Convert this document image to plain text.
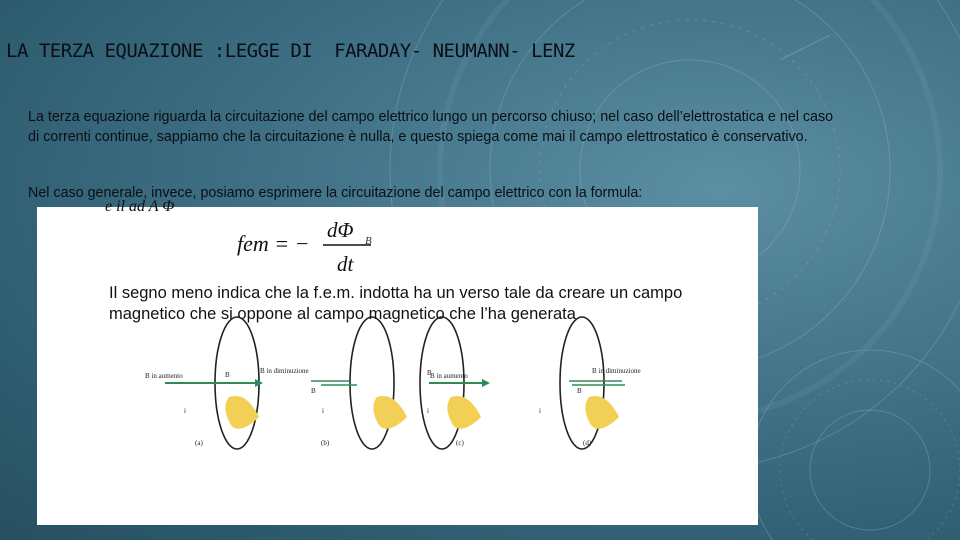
LA TERZA EQUAZIONE :LEGGE DI  FARADAY- NEUMANN- LENZ
La terza equazione riguarda la circuitazione del campo elettrico lungo un percorso chiuso; nel caso dell’elettrostatica e nel caso di correnti continue, sappiamo che la circuitazione è nulla, e questo spiega come mai il campo elettrostatico è conservativo.
Nel caso generale, invece, posiamo esprimere la circuitazione del campo elettrico con la formula:
e il ad A Φ
fem = −
dΦ B
dt
Il segno meno indica che la f.e.m. indotta ha un verso tale da creare un campo magnetico che si oppone al campo magnetico che l’ha generata
B in aumento	B
i
(a)
B in diminuzione
B
i
(b)
B in aumento
B
i
(c)
B in diminuzione
B
i
(d)
